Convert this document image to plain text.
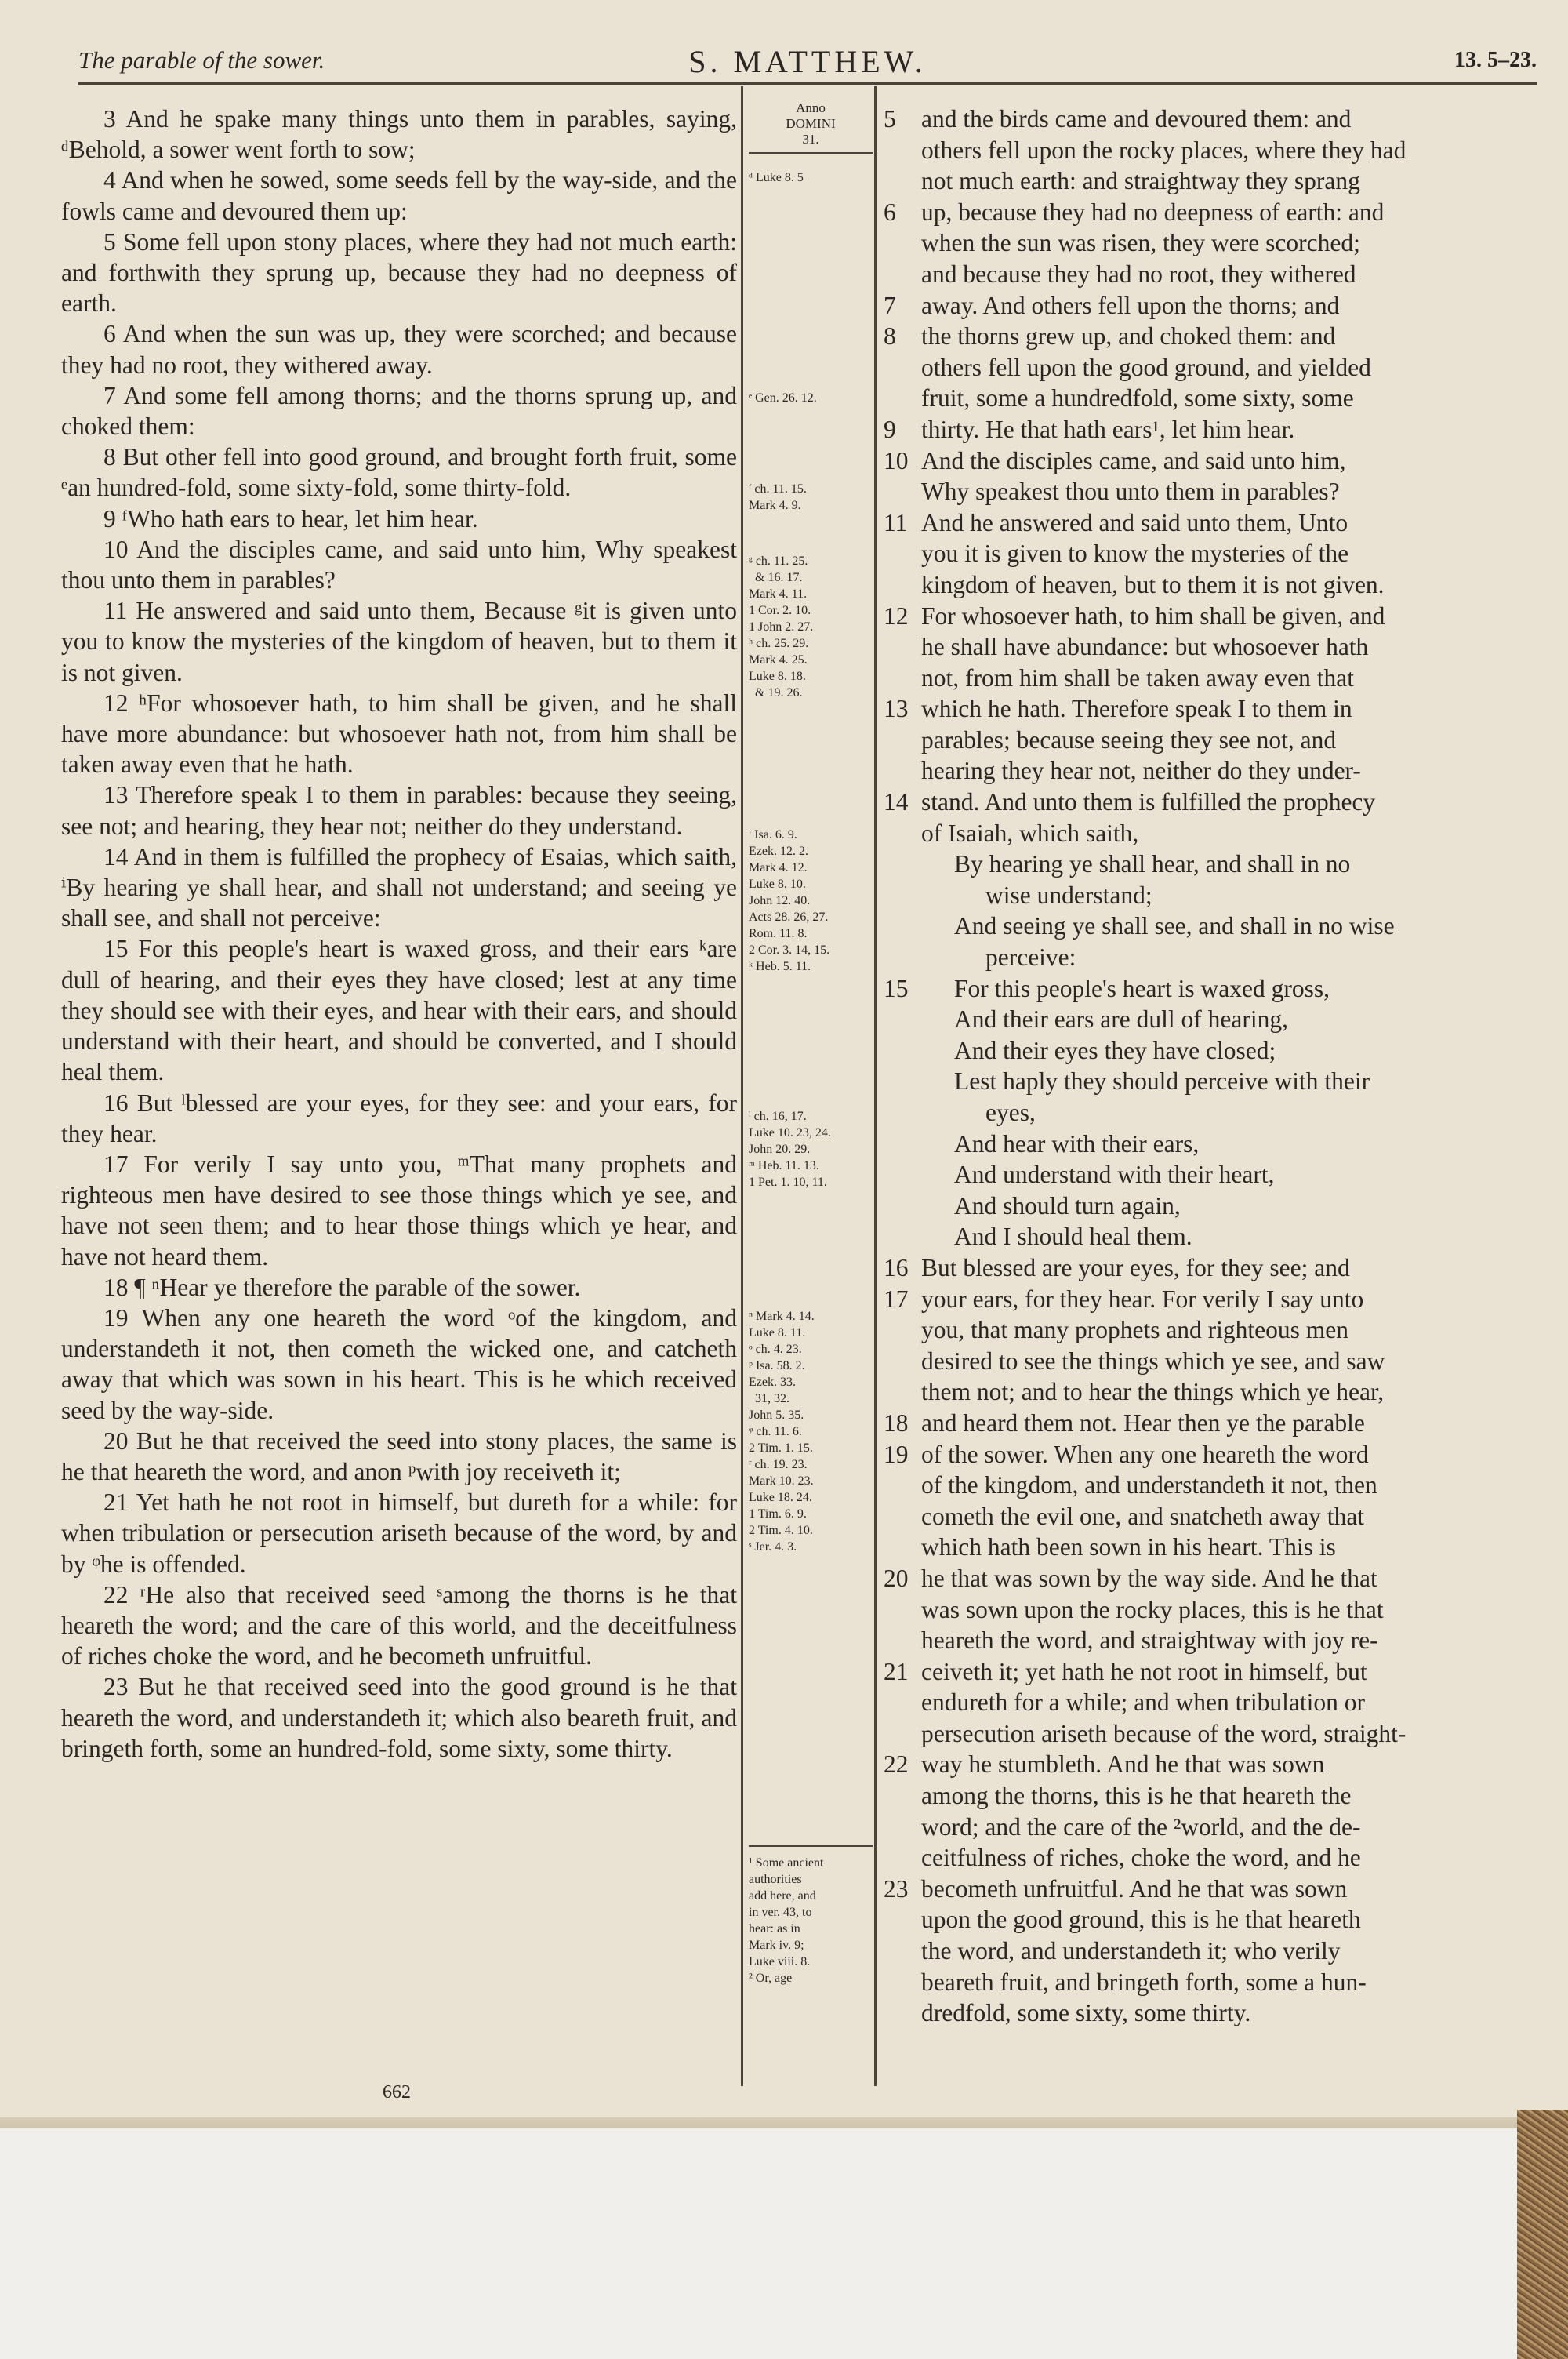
The parable of the sower.	S. MATTHEW.	13. 5–23.

3 And he spake many things unto them in parables, saying, ᵈBehold, a sower went forth to sow;

4 And when he sowed, some seeds fell by the way-side, and the fowls came and devoured them up:

5 Some fell upon stony places, where they had not much earth: and forthwith they sprung up, because they had no deepness of earth.

6 And when the sun was up, they were scorched; and because they had no root, they withered away.

7 And some fell among thorns; and the thorns sprung up, and choked them:

8 But other fell into good ground, and brought forth fruit, some ᵉan hundred-fold, some sixty-fold, some thirty-fold.

9 ᶠWho hath ears to hear, let him hear.

10 And the disciples came, and said unto him, Why speakest thou unto them in parables?

11 He answered and said unto them, Because ᵍit is given unto you to know the mysteries of the kingdom of heaven, but to them it is not given.

12 ʰFor whosoever hath, to him shall be given, and he shall have more abundance: but whosoever hath not, from him shall be taken away even that he hath.

13 Therefore speak I to them in parables: because they seeing, see not; and hearing, they hear not; neither do they understand.

14 And in them is fulfilled the prophecy of Esaias, which saith, ⁱBy hearing ye shall hear, and shall not understand; and seeing ye shall see, and shall not perceive:

15 For this people's heart is waxed gross, and their ears ᵏare dull of hearing, and their eyes they have closed; lest at any time they should see with their eyes, and hear with their ears, and should understand with their heart, and should be converted, and I should heal them.

16 But ˡblessed are your eyes, for they see: and your ears, for they hear.

17 For verily I say unto you, ᵐThat many prophets and righteous men have desired to see those things which ye see, and have not seen them; and to hear those things which ye hear, and have not heard them.

18 ¶ ⁿHear ye therefore the parable of the sower.

19 When any one heareth the word ᵒof the kingdom, and understandeth it not, then cometh the wicked one, and catcheth away that which was sown in his heart. This is he which received seed by the way-side.

20 But he that received the seed into stony places, the same is he that heareth the word, and anon ᵖwith joy receiveth it;

21 Yet hath he not root in himself, but dureth for a while: for when tribulation or persecution ariseth because of the word, by and by ᵠhe is offended.

22 ʳHe also that received seed ˢamong the thorns is he that heareth the word; and the care of this world, and the deceitfulness of riches choke the word, and he becometh unfruitful.

23 But he that received seed into the good ground is he that heareth the word, and understandeth it; which also beareth fruit, and bringeth forth, some an hundred-fold, some sixty, some thirty.

Anno
DOMINI
31.
ᵈ Luke 8. 5
ᵉ Gen. 26. 12.
ᶠ ch. 11. 15.
Mark 4. 9.
ᵍ ch. 11. 25.
& 16. 17.
Mark 4. 11.
1 Cor. 2. 10.
1 John 2. 27.
ʰ ch. 25. 29.
Mark 4. 25.
Luke 8. 18.
& 19. 26.
ⁱ Isa. 6. 9.
Ezek. 12. 2.
Mark 4. 12.
Luke 8. 10.
John 12. 40.
Acts 28. 26, 27.
Rom. 11. 8.
2 Cor. 3. 14, 15.
ᵏ Heb. 5. 11.
ˡ ch. 16, 17.
Luke 10. 23, 24.
John 20. 29.
ᵐ Heb. 11. 13.
1 Pet. 1. 10, 11.
ⁿ Mark 4. 14.
Luke 8. 11.
ᵒ ch. 4. 23.
ᵖ Isa. 58. 2.
Ezek. 33.
31, 32.
John 5. 35.
ᵠ ch. 11. 6.
2 Tim. 1. 15.
ʳ ch. 19. 23.
Mark 10. 23.
Luke 18. 24.
1 Tim. 6. 9.
2 Tim. 4. 10.
ˢ Jer. 4. 3.
¹ Some ancient
authorities
add here, and
in ver. 43, to
hear: as in
Mark iv. 9;
Luke viii. 8.
² Or, age
5	and the birds came and devoured them: and
others fell upon the rocky places, where they had
not much earth: and straightway they sprang
6	up, because they had no deepness of earth: and
when the sun was risen, they were scorched;
and because they had no root, they withered
7	away. And others fell upon the thorns; and
8	the thorns grew up, and choked them: and
others fell upon the good ground, and yielded
fruit, some a hundredfold, some sixty, some
9	thirty. He that hath ears¹, let him hear.
10 And the disciples came, and said unto him,
Why speakest thou unto them in parables?
11 And he answered and said unto them, Unto
you it is given to know the mysteries of the
kingdom of heaven, but to them it is not given.
12 For whosoever hath, to him shall be given, and
he shall have abundance: but whosoever hath
not, from him shall be taken away even that
13 which he hath. Therefore speak I to them in
parables; because seeing they see not, and
hearing they hear not, neither do they under-
14 stand. And unto them is fulfilled the prophecy
of Isaiah, which saith,
By hearing ye shall hear, and shall in no
wise understand;
And seeing ye shall see, and shall in no wise
perceive:
15	For this people's heart is waxed gross,
And their ears are dull of hearing,
And their eyes they have closed;
Lest haply they should perceive with their
eyes,
And hear with their ears,
And understand with their heart,
And should turn again,
And I should heal them.
16 But blessed are your eyes, for they see; and
17 your ears, for they hear. For verily I say unto
you, that many prophets and righteous men
desired to see the things which ye see, and saw
them not; and to hear the things which ye hear,
18 and heard them not. Hear then ye the parable
19 of the sower. When any one heareth the word
of the kingdom, and understandeth it not, then
cometh the evil one, and snatcheth away that
which hath been sown in his heart. This is
20 he that was sown by the way side. And he that
was sown upon the rocky places, this is he that
heareth the word, and straightway with joy re-
21 ceiveth it; yet hath he not root in himself, but
endureth for a while; and when tribulation or
persecution ariseth because of the word, straight-
22 way he stumbleth. And he that was sown
among the thorns, this is he that heareth the
word; and the care of the ²world, and the de-
ceitfulness of riches, choke the word, and he
23 becometh unfruitful. And he that was sown
upon the good ground, this is he that heareth
the word, and understandeth it; who verily
beareth fruit, and bringeth forth, some a hun-
dredfold, some sixty, some thirty.
662
